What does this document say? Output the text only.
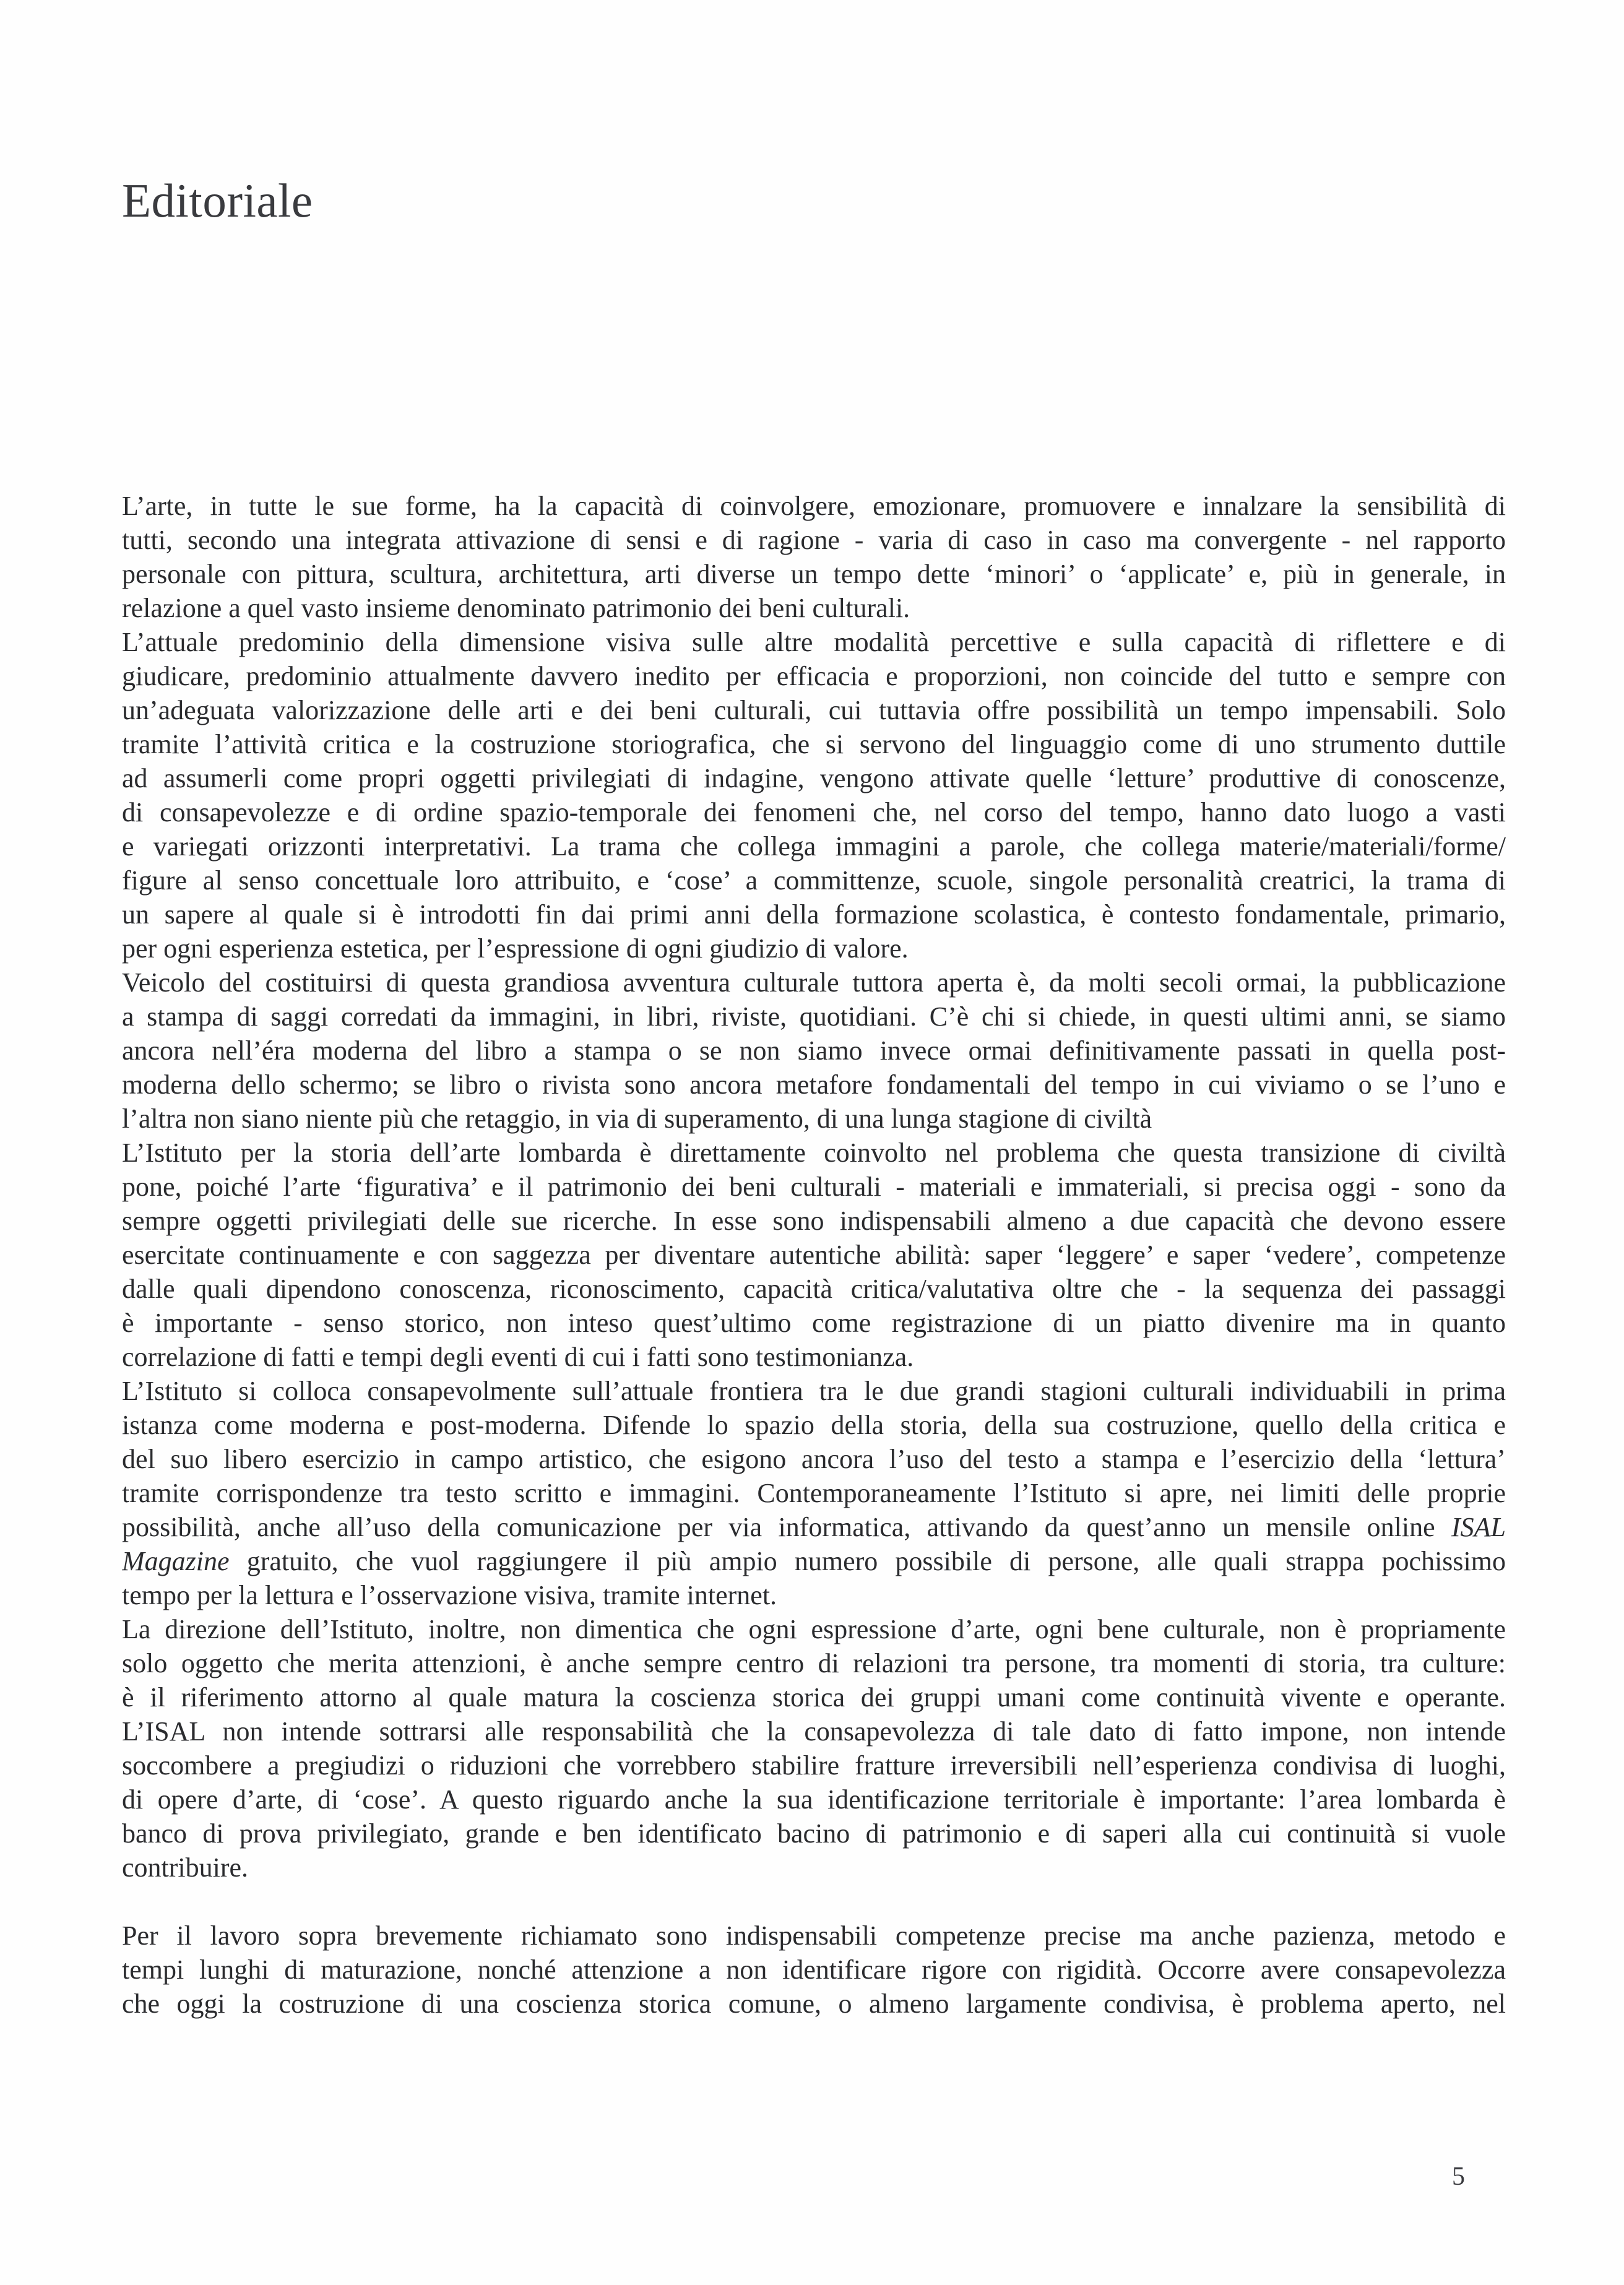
Editoriale

L’arte, in tutte le sue forme, ha la capacità di coinvolgere, emozionare, promuovere e innalzare la sensibilità di
tutti, secondo una integrata attivazione di sensi e di ragione - varia di caso in caso ma convergente - nel rapporto
personale con pittura, scultura, architettura, arti diverse un tempo dette ‘minori’ o ‘applicate’ e, più in generale, in
relazione a quel vasto insieme denominato patrimonio dei beni culturali.

L’attuale predominio della dimensione visiva sulle altre modalità percettive e sulla capacità di riflettere e di
giudicare, predominio attualmente davvero inedito per efficacia e proporzioni, non coincide del tutto e sempre con
un’adeguata valorizzazione delle arti e dei beni culturali, cui tuttavia offre possibilità un tempo impensabili. Solo
tramite l’attività critica e la costruzione storiografica, che si servono del linguaggio come di uno strumento duttile
ad assumerli come propri oggetti privilegiati di indagine, vengono attivate quelle ‘letture’ produttive di conoscenze,
di consapevolezze e di ordine spazio-temporale dei fenomeni che, nel corso del tempo, hanno dato luogo a vasti
e variegati orizzonti interpretativi. La trama che collega immagini a parole, che collega materie/materiali/forme/
figure al senso concettuale loro attribuito, e ‘cose’ a committenze, scuole, singole personalità creatrici, la trama di
un sapere al quale si è introdotti fin dai primi anni della formazione scolastica, è contesto fondamentale, primario,
per ogni esperienza estetica, per l’espressione di ogni giudizio di valore.

Veicolo del costituirsi di questa grandiosa avventura culturale tuttora aperta è, da molti secoli ormai, la pubblicazione
a stampa di saggi corredati da immagini, in libri, riviste, quotidiani. C’è chi si chiede, in questi ultimi anni, se siamo
ancora nell’éra moderna del libro a stampa o se non siamo invece ormai definitivamente passati in quella post-
moderna dello schermo; se libro o rivista sono ancora metafore fondamentali del tempo in cui viviamo o se l’uno e
l’altra non siano niente più che retaggio, in via di superamento, di una lunga stagione di civiltà

L’Istituto per la storia dell’arte lombarda è direttamente coinvolto nel problema che questa transizione di civiltà
pone, poiché l’arte ‘figurativa’ e il patrimonio dei beni culturali - materiali e immateriali, si precisa oggi - sono da
sempre oggetti privilegiati delle sue ricerche. In esse sono indispensabili almeno a due capacità che devono essere
esercitate continuamente e con saggezza per diventare autentiche abilità: saper ‘leggere’ e saper ‘vedere’, competenze
dalle quali dipendono conoscenza, riconoscimento, capacità critica/valutativa oltre che - la sequenza dei passaggi
è importante - senso storico, non inteso quest’ultimo come registrazione di un piatto divenire ma in quanto
correlazione di fatti e tempi degli eventi di cui i fatti sono testimonianza.

L’Istituto si colloca consapevolmente sull’attuale frontiera tra le due grandi stagioni culturali individuabili in prima
istanza come moderna e post-moderna. Difende lo spazio della storia, della sua costruzione, quello della critica e
del suo libero esercizio in campo artistico, che esigono ancora l’uso del testo a stampa e l’esercizio della ‘lettura’
tramite corrispondenze tra testo scritto e immagini. Contemporaneamente l’Istituto si apre, nei limiti delle proprie
possibilità, anche all’uso della comunicazione per via informatica, attivando da quest’anno un mensile online ISAL
Magazine gratuito, che vuol raggiungere il più ampio numero possibile di persone, alle quali strappa pochissimo
tempo per la lettura e l’osservazione visiva, tramite internet.

La direzione dell’Istituto, inoltre, non dimentica che ogni espressione d’arte, ogni bene culturale, non è propriamente
solo oggetto che merita attenzioni, è anche sempre centro di relazioni tra persone, tra momenti di storia, tra culture:
è il riferimento attorno al quale matura la coscienza storica dei gruppi umani come continuità vivente e operante.
L’ISAL non intende sottrarsi alle responsabilità che la consapevolezza di tale dato di fatto impone, non intende
soccombere a pregiudizi o riduzioni che vorrebbero stabilire fratture irreversibili nell’esperienza condivisa di luoghi,
di opere d’arte, di ‘cose’. A questo riguardo anche la sua identificazione territoriale è importante: l’area lombarda è
banco di prova privilegiato, grande e ben identificato bacino di patrimonio e di saperi alla cui continuità si vuole
contribuire.

Per il lavoro sopra brevemente richiamato sono indispensabili competenze precise ma anche pazienza, metodo e
tempi lunghi di maturazione, nonché attenzione a non identificare rigore con rigidità. Occorre avere consapevolezza
che oggi la costruzione di una coscienza storica comune, o almeno largamente condivisa, è problema aperto, nel

5
